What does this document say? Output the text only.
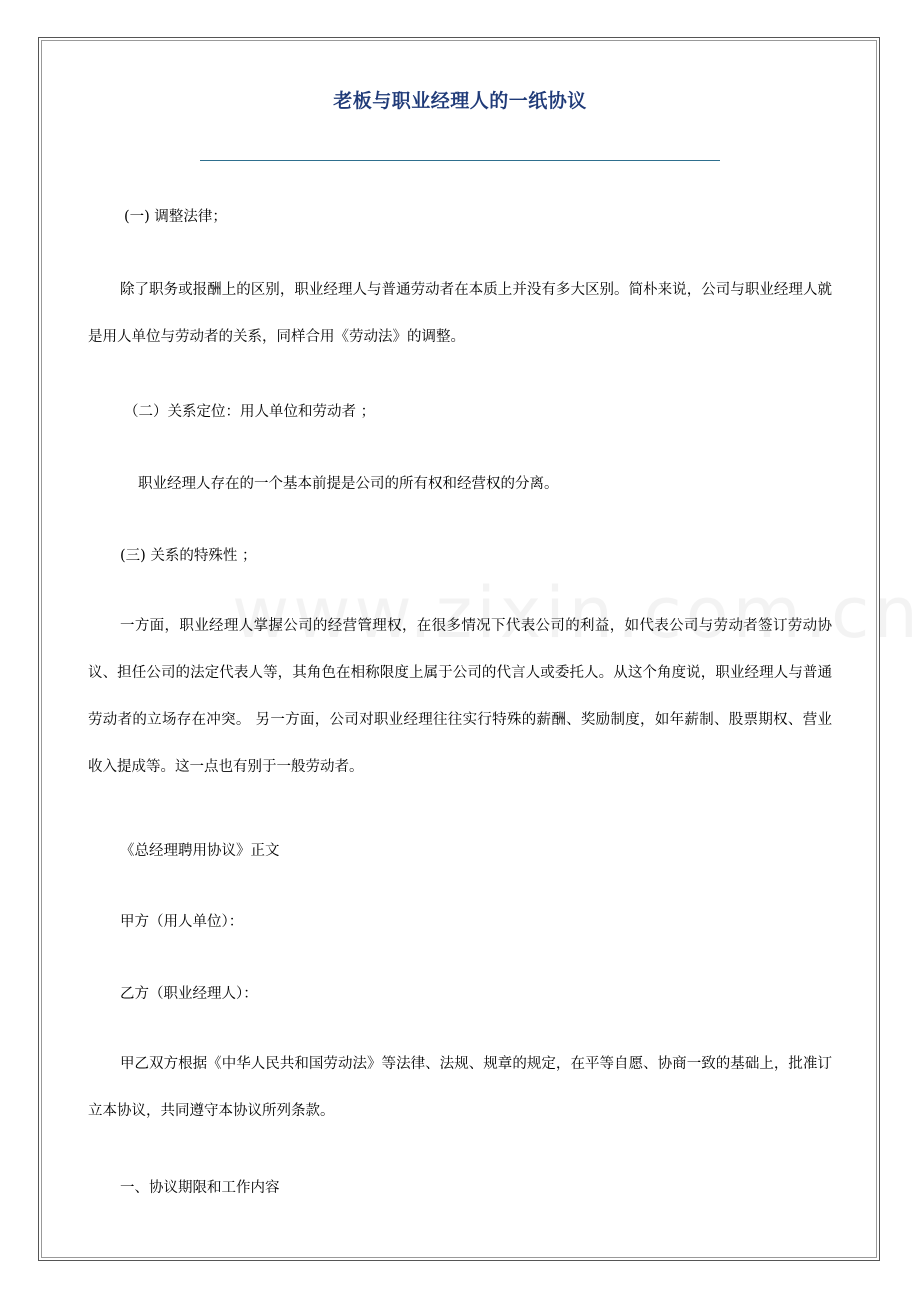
老板与职业经理人的一纸协议
(一) 调整法律；
除了职务或报酬上的区别，职业经理人与普通劳动者在本质上并没有多大区别。简朴来说，公司与职业经理人就是用人单位与劳动者的关系，同样合用《劳动法》的调整。
（二）关系定位：用人单位和劳动者 ；
职业经理人存在的一个基本前提是公司的所有权和经营权的分离。
(三) 关系的特殊性 ；
一方面，职业经理人掌握公司的经营管理权，在很多情况下代表公司的利益，如代表公司与劳动者签订劳动协议、担任公司的法定代表人等，其角色在相称限度上属于公司的代言人或委托人。从这个角度说，职业经理人与普通劳动者的立场存在冲突。 另一方面，公司对职业经理往往实行特殊的薪酬、奖励制度，如年薪制、股票期权、营业收入提成等。这一点也有别于一般劳动者。
《总经理聘用协议》正文
甲方（用人单位）：
乙方（职业经理人）：
甲乙双方根据《中华人民共和国劳动法》等法律、法规、规章的规定，在平等自愿、协商一致的基础上，批准订立本协议，共同遵守本协议所列条款。
一、协议期限和工作内容
